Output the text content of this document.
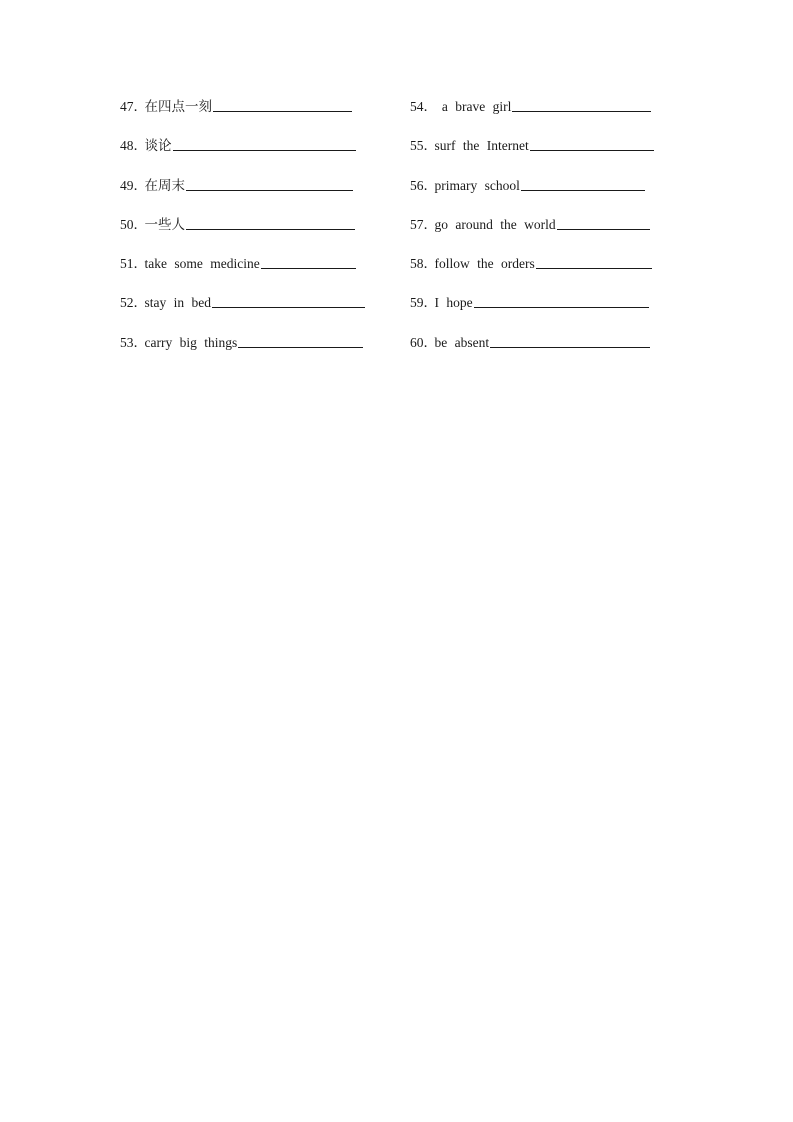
47 ．
在四点一刻
48 ．
谈论
49 ．
在周末
50 ．
一些人
51 ．
take some medicine
52 ．
stay in bed
53 ．
carry big things
54 ．
a brave girl
55 ．
surf the Internet
56 ．
primary school
57 ．
go around the world
58 ．
follow the orders
59 ．
I hope
60 ．
be absent
